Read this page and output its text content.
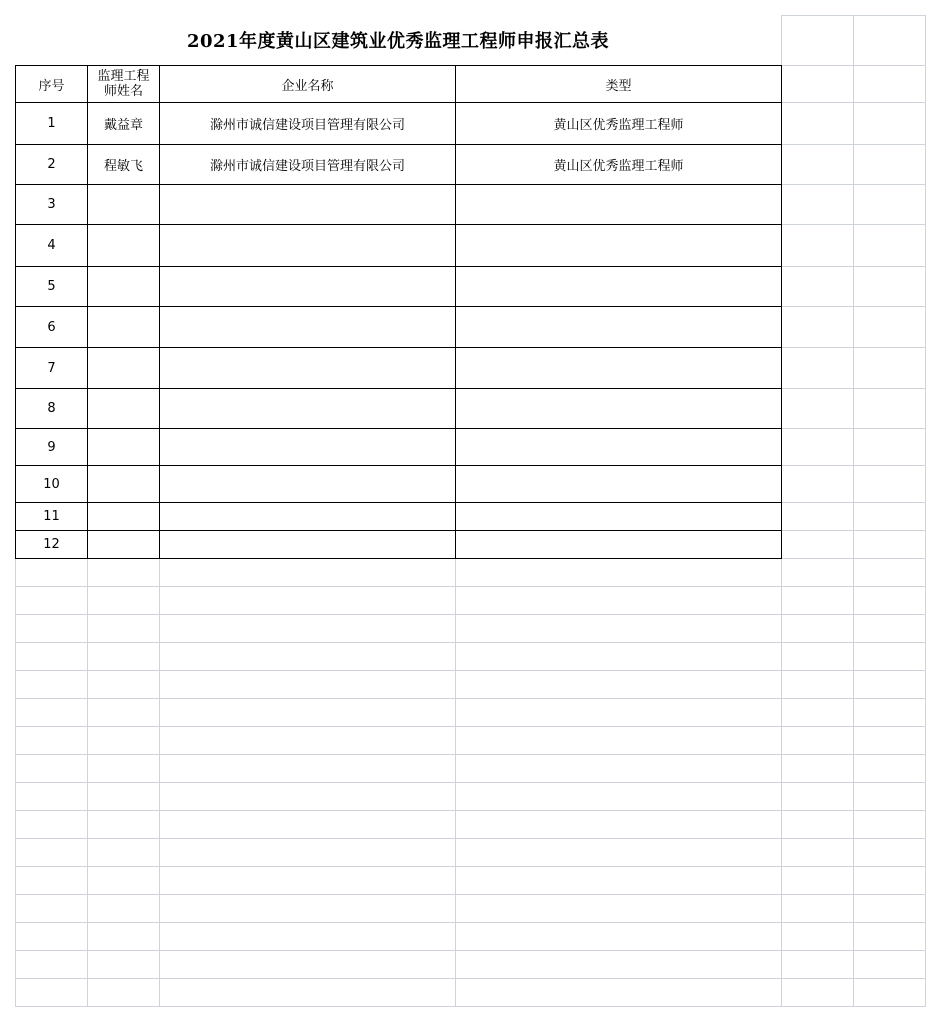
2021年度黄山区建筑业优秀监理工程师申报汇总表
序号	监理工程师姓名	企业名称	类型
1	戴益章	滁州市诚信建设项目管理有限公司	黄山区优秀监理工程师
2	程敏飞	滁州市诚信建设项目管理有限公司	黄山区优秀监理工程师
3			
4			
5			
6			
7			
8			
9			
10			
11			
12			
